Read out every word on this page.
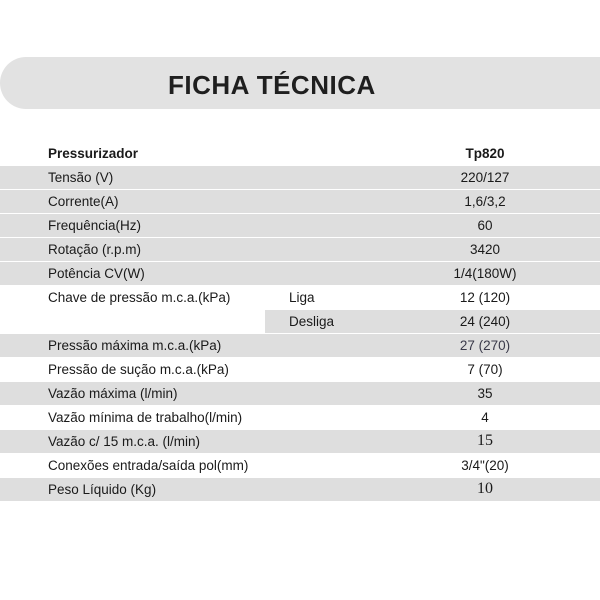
FICHA TÉCNICA
Pressurizador	Tp820
Tensão (V)	220/127
Corrente(A)	1,6/3,2
Frequência(Hz)	60
Rotação (r.p.m)	3420
Potência CV(W)	1/4(180W)
Chave de pressão m.c.a.(kPa)	Liga	12 (120)
Desliga	24 (240)
Pressão máxima m.c.a.(kPa)	27 (270)
Pressão de sução m.c.a.(kPa)	7 (70)
Vazão máxima (l/min)	35
Vazão mínima de trabalho(l/min)	4
Vazão c/ 15 m.c.a. (l/min)	15
Conexões entrada/saída pol(mm)	3/4"(20)
Peso Líquido (Kg)	10
